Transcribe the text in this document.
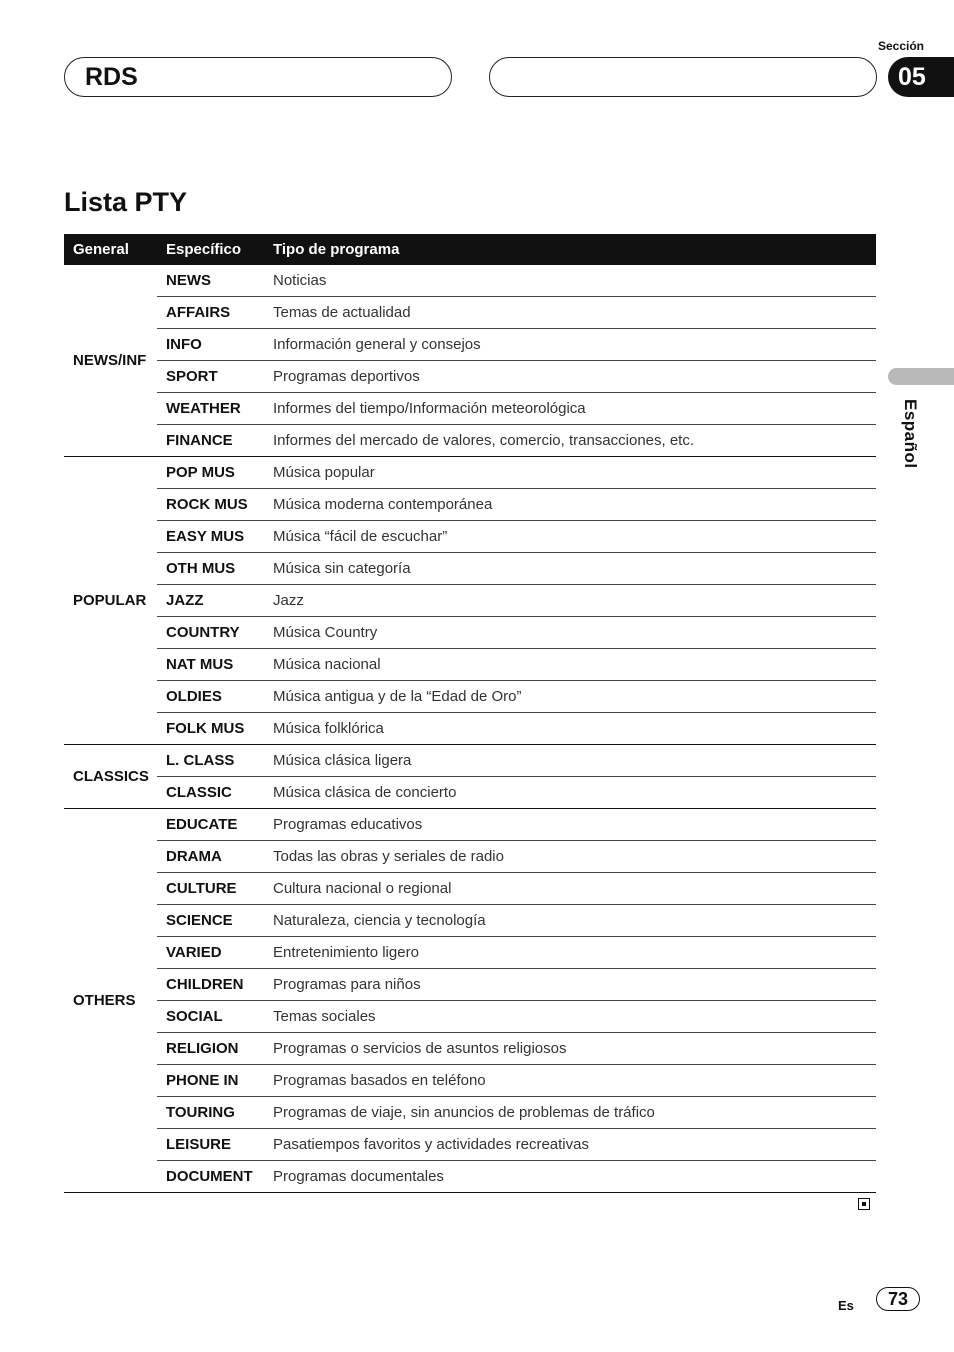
Sección
05
RDS
Español
Lista PTY
General	Específico	Tipo de programa
NEWS/INF	NEWS	Noticias
	AFFAIRS	Temas de actualidad
	INFO	Información general y consejos
	SPORT	Programas deportivos
	WEATHER	Informes del tiempo/Información meteorológica
	FINANCE	Informes del mercado de valores, comercio, transacciones, etc.
POPULAR	POP MUS	Música popular
	ROCK MUS	Música moderna contemporánea
	EASY MUS	Música “fácil de escuchar”
	OTH MUS	Música sin categoría
	JAZZ	Jazz
	COUNTRY	Música Country
	NAT MUS	Música nacional
	OLDIES	Música antigua y de la “Edad de Oro”
	FOLK MUS	Música folklórica
CLASSICS	L. CLASS	Música clásica ligera
	CLASSIC	Música clásica de concierto
OTHERS	EDUCATE	Programas educativos
	DRAMA	Todas las obras y seriales de radio
	CULTURE	Cultura nacional o regional
	SCIENCE	Naturaleza, ciencia y tecnología
	VARIED	Entretenimiento ligero
	CHILDREN	Programas para niños
	SOCIAL	Temas sociales
	RELIGION	Programas o servicios de asuntos religiosos
	PHONE IN	Programas basados en teléfono
	TOURING	Programas de viaje, sin anuncios de problemas de tráfico
	LEISURE	Pasatiempos favoritos y actividades recreativas
	DOCUMENT	Programas documentales
Es	73
